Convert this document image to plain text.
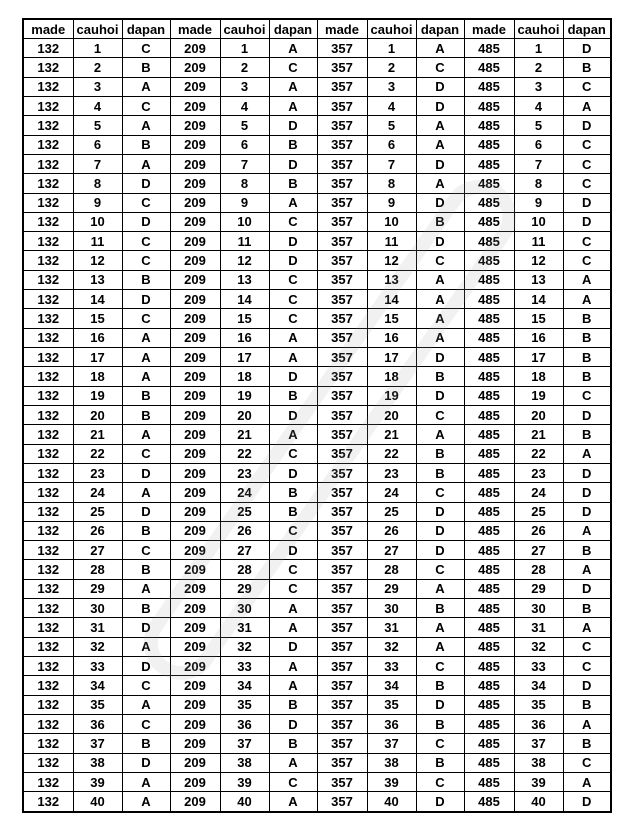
made	cauhoi	dapan	made	cauhoi	dapan	made	cauhoi	dapan	made	cauhoi	dapan
132	1	C	209	1	A	357	1	A	485	1	D
132	2	B	209	2	C	357	2	C	485	2	B
132	3	A	209	3	A	357	3	D	485	3	C
132	4	C	209	4	A	357	4	D	485	4	A
132	5	A	209	5	D	357	5	A	485	5	D
132	6	B	209	6	B	357	6	A	485	6	C
132	7	A	209	7	D	357	7	D	485	7	C
132	8	D	209	8	B	357	8	A	485	8	C
132	9	C	209	9	A	357	9	D	485	9	D
132	10	D	209	10	C	357	10	B	485	10	D
132	11	C	209	11	D	357	11	D	485	11	C
132	12	C	209	12	D	357	12	C	485	12	C
132	13	B	209	13	C	357	13	A	485	13	A
132	14	D	209	14	C	357	14	A	485	14	A
132	15	C	209	15	C	357	15	A	485	15	B
132	16	A	209	16	A	357	16	A	485	16	B
132	17	A	209	17	A	357	17	D	485	17	B
132	18	A	209	18	D	357	18	B	485	18	B
132	19	B	209	19	B	357	19	D	485	19	C
132	20	B	209	20	D	357	20	C	485	20	D
132	21	A	209	21	A	357	21	A	485	21	B
132	22	C	209	22	C	357	22	B	485	22	A
132	23	D	209	23	D	357	23	B	485	23	D
132	24	A	209	24	B	357	24	C	485	24	D
132	25	D	209	25	B	357	25	D	485	25	D
132	26	B	209	26	C	357	26	D	485	26	A
132	27	C	209	27	D	357	27	D	485	27	B
132	28	B	209	28	C	357	28	C	485	28	A
132	29	A	209	29	C	357	29	A	485	29	D
132	30	B	209	30	A	357	30	B	485	30	B
132	31	D	209	31	A	357	31	A	485	31	A
132	32	A	209	32	D	357	32	A	485	32	C
132	33	D	209	33	A	357	33	C	485	33	C
132	34	C	209	34	A	357	34	B	485	34	D
132	35	A	209	35	B	357	35	D	485	35	B
132	36	C	209	36	D	357	36	B	485	36	A
132	37	B	209	37	B	357	37	C	485	37	B
132	38	D	209	38	A	357	38	B	485	38	C
132	39	A	209	39	C	357	39	C	485	39	A
132	40	A	209	40	A	357	40	D	485	40	D
